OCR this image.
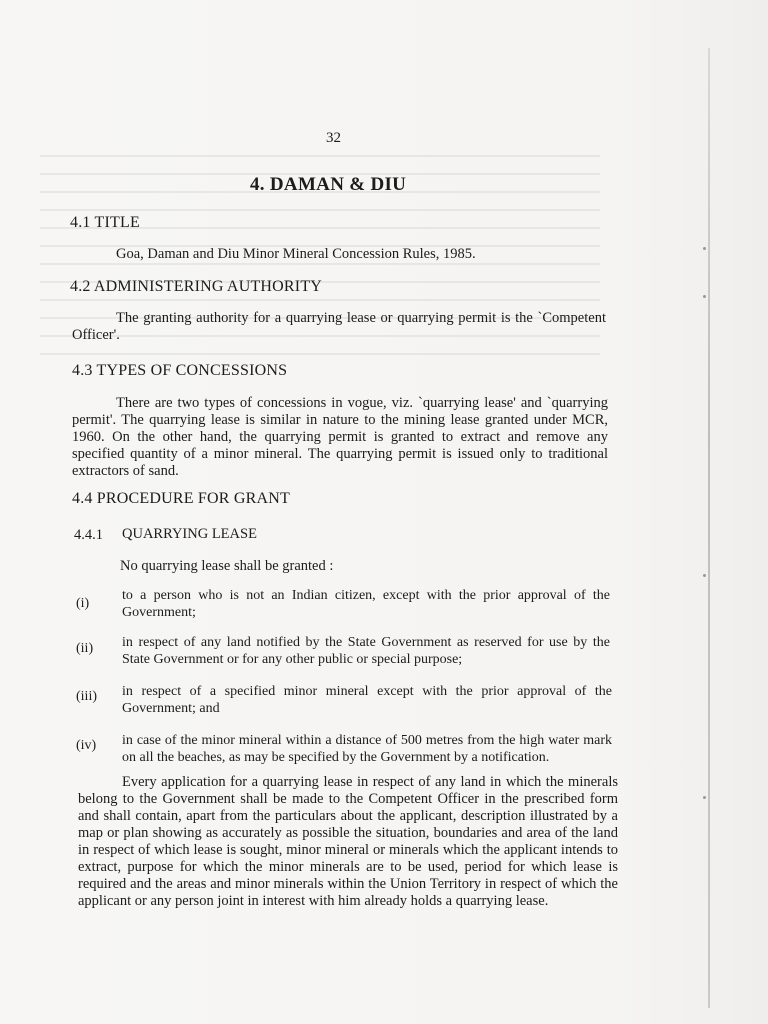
32
4. DAMAN & DIU
4.1 TITLE

Goa, Daman and Diu Minor Mineral Concession Rules, 1985.

4.2 ADMINISTERING AUTHORITY

The granting authority for a quarrying lease or quarrying permit is the `Competent Officer'.

4.3 TYPES OF CONCESSIONS

There are two types of concessions in vogue, viz. `quarrying lease' and `quarrying permit'. The quarrying lease is similar in nature to the mining lease granted under MCR, 1960. On the other hand, the quarrying permit is granted to extract and remove any specified quantity of a minor mineral. The quarrying permit is issued only to traditional extractors of sand.

4.4 PROCEDURE FOR GRANT
4.4.1 QUARRYING LEASE

No quarrying lease shall be granted :

(i)

to a person who is not an Indian citizen, except with the prior approval of the Government;

(ii) in respect of any land notified by the State Government as reserved for use by the State Government or for any other public or special purpose;

(iii) in respect of a specified minor mineral except with the prior approval of the Government; and

(iv) in case of the minor mineral within a distance of 500 metres from the high water mark on all the beaches, as may be specified by the Government by a notification.

Every application for a quarrying lease in respect of any land in which the minerals belong to the Government shall be made to the Competent Officer in the prescribed form and shall contain, apart from the particulars about the applicant, description illustrated by a map or plan showing as accurately as possible the situation, boundaries and area of the land in respect of which lease is sought, minor mineral or minerals which the applicant intends to extract, purpose for which the minor minerals are to be used, period for which lease is required and the areas and minor minerals within the Union Territory in respect of which the applicant or any person joint in interest with him already holds a quarrying lease.
